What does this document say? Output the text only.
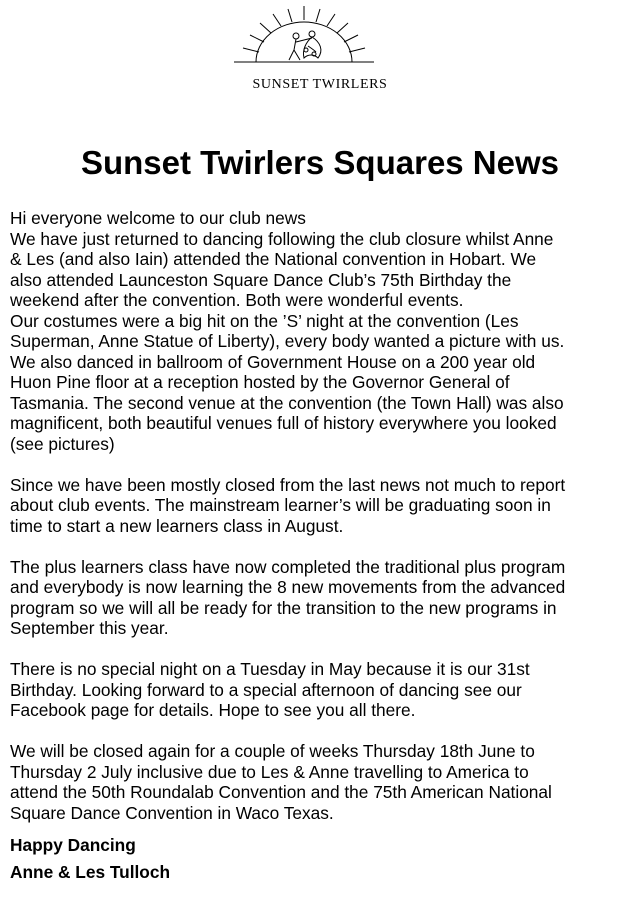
SUNSET TWIRLERS
Sunset Twirlers Squares News

Hi everyone welcome to our club news

We have just returned to dancing following the club closure whilst Anne

& Les (and also Iain) attended the National convention in Hobart. We

also attended Launceston Square Dance Club’s 75th Birthday the

weekend after the convention. Both were wonderful events.

Our costumes were a big hit on the ’S’ night at the convention (Les

Superman, Anne Statue of Liberty), every body wanted a picture with us.

We also danced in ballroom of Government House on a 200 year old

Huon Pine floor at a reception hosted by the Governor General of

Tasmania. The second venue at the convention (the Town Hall) was also

magnificent, both beautiful venues full of history everywhere you looked

(see pictures)

Since we have been mostly closed from the last news not much to report

about club events. The mainstream learner’s will be graduating soon in

time to start a new learners class in August.

The plus learners class have now completed the traditional plus program

and everybody is now learning the 8 new movements from the advanced

program so we will all be ready for the transition to the new programs in

September this year.

There is no special night on a Tuesday in May because it is our 31st

Birthday. Looking forward to a special afternoon of dancing see our

Facebook page for details. Hope to see you all there.

We will be closed again for a couple of weeks Thursday 18th June to

Thursday 2 July inclusive due to Les & Anne travelling to America to

attend the 50th Roundalab Convention and the 75th American National

Square Dance Convention in Waco Texas.

Happy Dancing

Anne & Les Tulloch
